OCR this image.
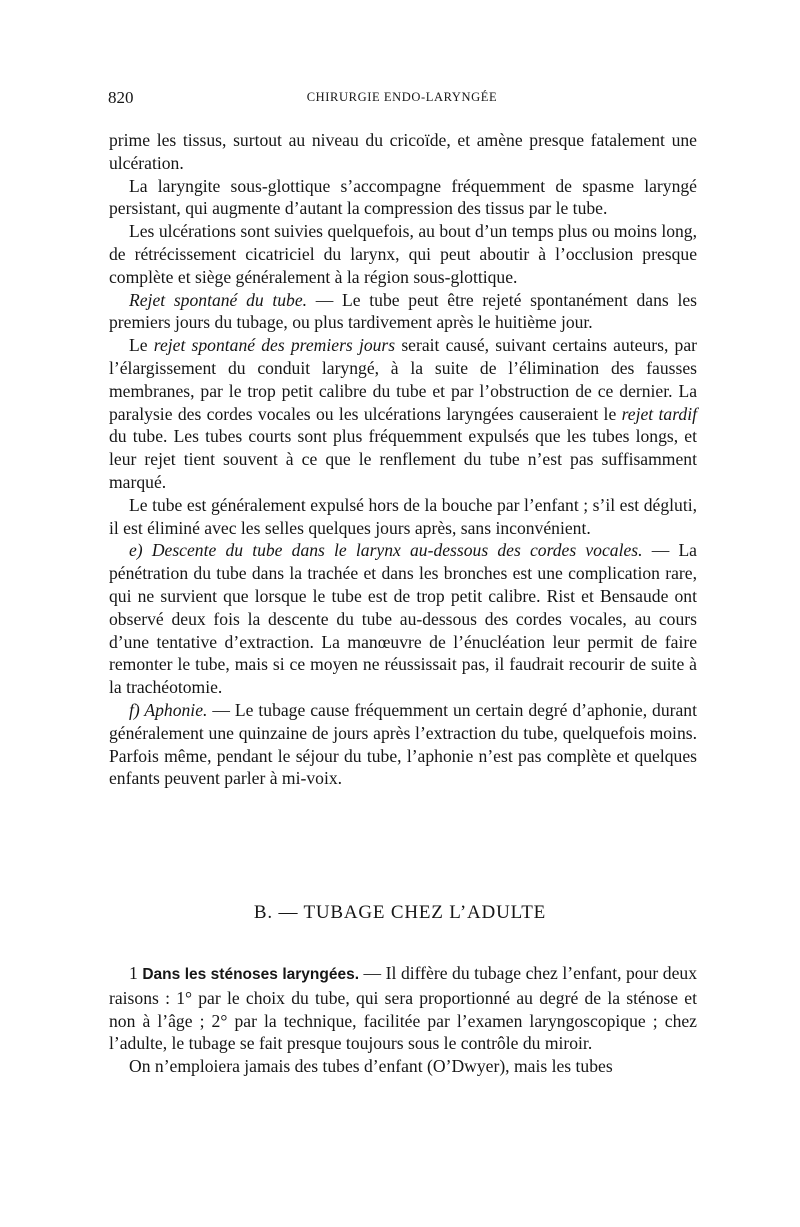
820	CHIRURGIE ENDO-LARYNGÉE

prime les tissus, surtout au niveau du cricoïde, et amène presque fatalement une ulcération.

La laryngite sous-glottique s’accompagne fréquemment de spasme laryngé persistant, qui augmente d’autant la compression des tissus par le tube.

Les ulcérations sont suivies quelquefois, au bout d’un temps plus ou moins long, de rétrécissement cicatriciel du larynx, qui peut aboutir à l’occlusion presque complète et siège généralement à la région sous-glottique.

Rejet spontané du tube. — Le tube peut être rejeté spontanément dans les premiers jours du tubage, ou plus tardivement après le huitième jour.

Le rejet spontané des premiers jours serait causé, suivant certains auteurs, par l’élargissement du conduit laryngé, à la suite de l’élimination des fausses membranes, par le trop petit calibre du tube et par l’obstruction de ce dernier. La paralysie des cordes vocales ou les ulcérations laryngées causeraient le rejet tardif du tube. Les tubes courts sont plus fréquemment expulsés que les tubes longs, et leur rejet tient souvent à ce que le renflement du tube n’est pas suffisamment marqué.

Le tube est généralement expulsé hors de la bouche par l’enfant ; s’il est dégluti, il est éliminé avec les selles quelques jours après, sans inconvénient.

e) Descente du tube dans le larynx au-dessous des cordes vocales. — La pénétration du tube dans la trachée et dans les bronches est une complication rare, qui ne survient que lorsque le tube est de trop petit calibre. Rist et Bensaude ont observé deux fois la descente du tube au-dessous des cordes vocales, au cours d’une tentative d’extraction. La manœuvre de l’énucléation leur permit de faire remonter le tube, mais si ce moyen ne réussissait pas, il faudrait recourir de suite à la trachéotomie.

f) Aphonie. — Le tubage cause fréquemment un certain degré d’aphonie, durant généralement une quinzaine de jours après l’extraction du tube, quelquefois moins. Parfois même, pendant le séjour du tube, l’aphonie n’est pas complète et quelques enfants peuvent parler à mi-voix.

B. — TUBAGE CHEZ L’ADULTE

1 Dans les sténoses laryngées. — Il diffère du tubage chez l’enfant, pour deux raisons : 1° par le choix du tube, qui sera proportionné au degré de la sténose et non à l’âge ; 2° par la technique, facilitée par l’examen laryngoscopique ; chez l’adulte, le tubage se fait presque toujours sous le contrôle du miroir.

On n’emploiera jamais des tubes d’enfant (O’Dwyer), mais les tubes
